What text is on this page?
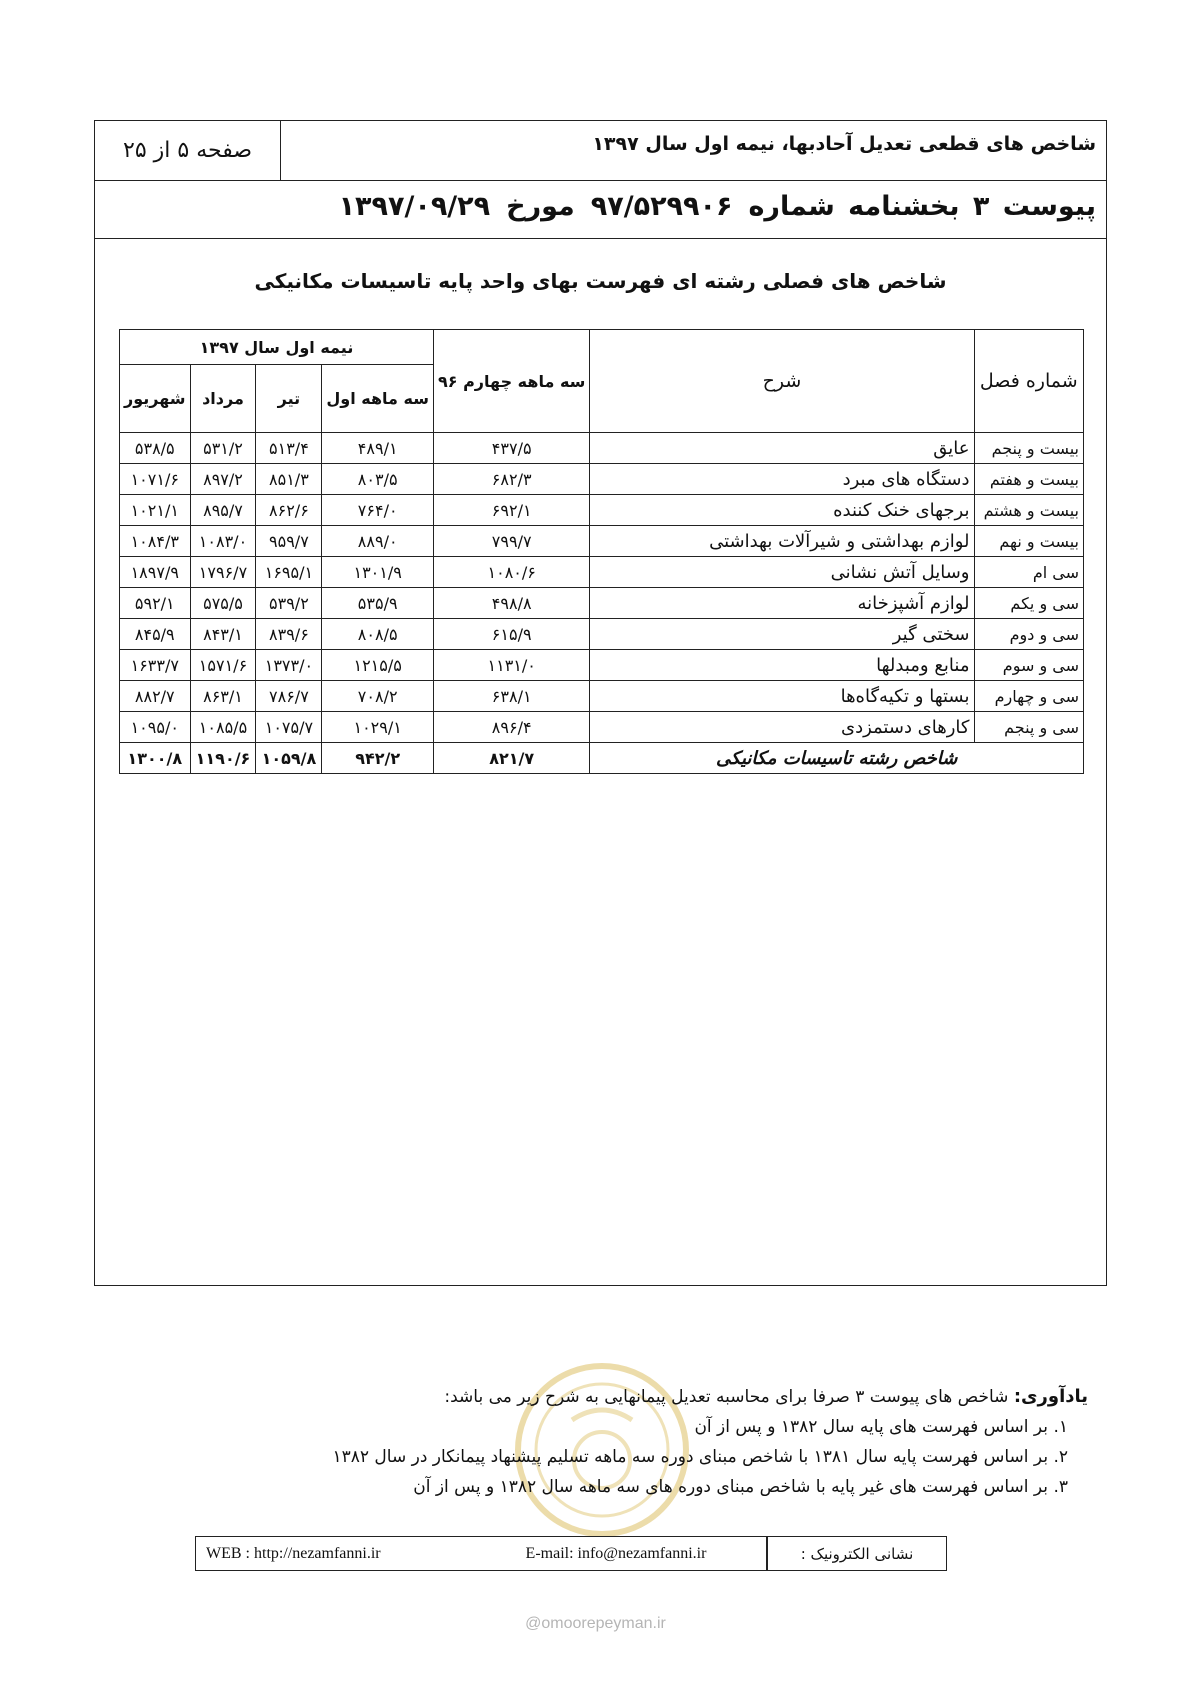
صفحه ۵ از ۲۵	شاخص های قطعی تعدیل آحادبها، نیمه اول سال ۱۳۹۷
پیوست ۳ بخشنامه شماره۹۷/۵۲۹۹۰۶مورخ۱۳۹۷/۰۹/۲۹
شاخص های فصلی رشته ای فهرست بهای واحد پایه تاسیسات مکانیکی
شماره فصل	شرح	سه ماهه چهارم ۹۶	نیمه اول سال ۱۳۹۷			
			سه ماهه اول	تیر	مرداد	شهریور
بیست و پنجم	عایق	۴۳۷/۵	۴۸۹/۱	۵۱۳/۴	۵۳۱/۲	۵۳۸/۵
بیست و هفتم	دستگاه های مبرد	۶۸۲/۳	۸۰۳/۵	۸۵۱/۳	۸۹۷/۲	۱۰۷۱/۶
بیست و هشتم	برجهای خنک کننده	۶۹۲/۱	۷۶۴/۰	۸۶۲/۶	۸۹۵/۷	۱۰۲۱/۱
بیست و نهم	لوازم بهداشتی و شیرآلات بهداشتی	۷۹۹/۷	۸۸۹/۰	۹۵۹/۷	۱۰۸۳/۰	۱۰۸۴/۳
سی ام	وسایل آتش نشانی	۱۰۸۰/۶	۱۳۰۱/۹	۱۶۹۵/۱	۱۷۹۶/۷	۱۸۹۷/۹
سی و یکم	لوازم آشپزخانه	۴۹۸/۸	۵۳۵/۹	۵۳۹/۲	۵۷۵/۵	۵۹۲/۱
سی و دوم	سختی گیر	۶۱۵/۹	۸۰۸/۵	۸۳۹/۶	۸۴۳/۱	۸۴۵/۹
سی و سوم	منابع ومبدلها	۱۱۳۱/۰	۱۲۱۵/۵	۱۳۷۳/۰	۱۵۷۱/۶	۱۶۳۳/۷
سی و چهارم	بستها و تکیه‌گاه‌ها	۶۳۸/۱	۷۰۸/۲	۷۸۶/۷	۸۶۳/۱	۸۸۲/۷
سی و پنجم	کارهای دستمزدی	۸۹۶/۴	۱۰۲۹/۱	۱۰۷۵/۷	۱۰۸۵/۵	۱۰۹۵/۰
شاخص رشته تاسیسات مکانیکی		۸۲۱/۷	۹۴۲/۲	۱۰۵۹/۸	۱۱۹۰/۶	۱۳۰۰/۸
یادآوری: شاخص های پیوست ۳ صرفا برای محاسبه تعدیل پیمانهایی به شرح زیر می باشد:
۱. بر اساس فهرست های پایه سال ۱۳۸۲ و پس از آن
۲. بر اساس فهرست پایه سال ۱۳۸۱ با شاخص مبنای دوره سه ماهه تسلیم پیشنهاد پیمانکار در سال ۱۳۸۲
۳. بر اساس فهرست های غیر پایه با شاخص مبنای دوره های سه ماهه سال ۱۳۸۲ و پس از آن
WEB : http://nezamfanni.ir	E-mail: info@nezamfanni.ir	نشانی الکترونیک :
@omoorepeyman.ir
